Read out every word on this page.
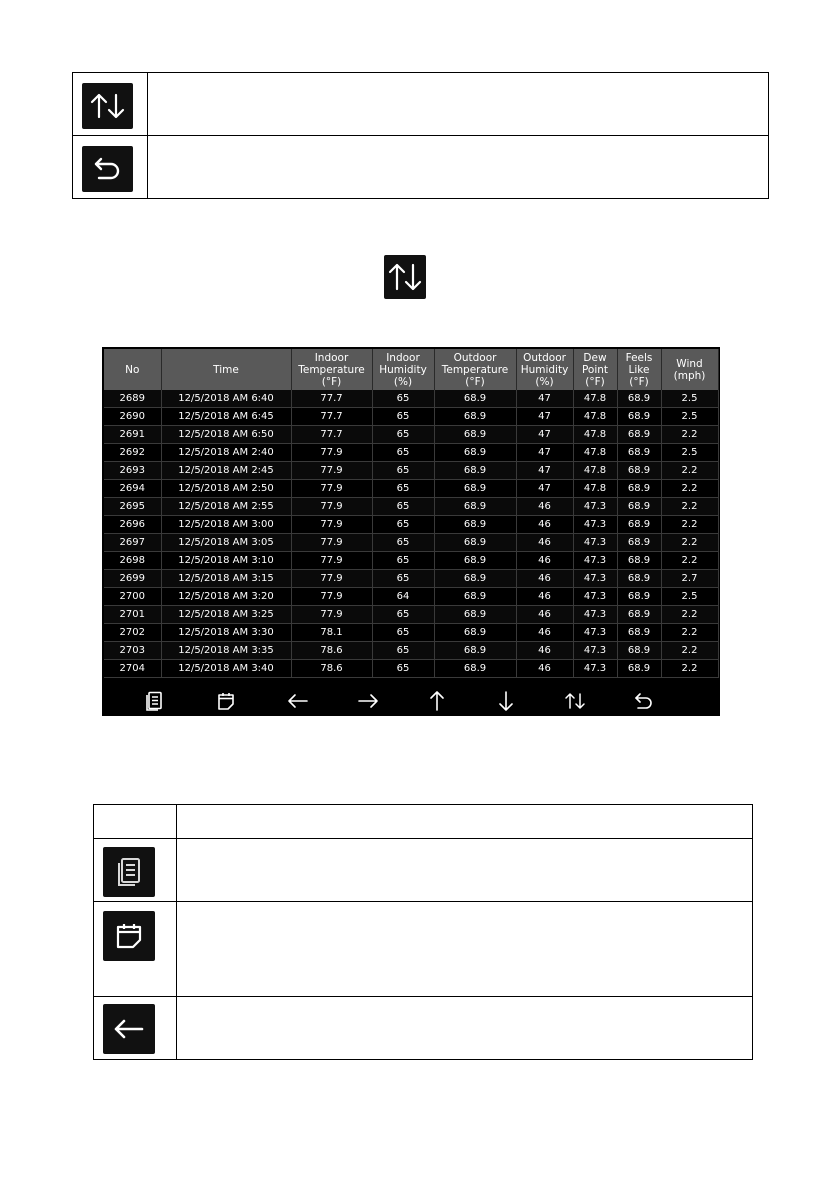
No	Time	Indoor
Temperature
(°F)	Indoor
Humidity
(%)	Outdoor
Temperature
(°F)	Outdoor
Humidity
(%)	Dew
Point
(°F)	Feels
Like
(°F)	Wind
(mph)
2689	12/5/2018 AM 6:40	77.7	65	68.9	47	47.8	68.9	2.5
2690	12/5/2018 AM 6:45	77.7	65	68.9	47	47.8	68.9	2.5
2691	12/5/2018 AM 6:50	77.7	65	68.9	47	47.8	68.9	2.2
2692	12/5/2018 AM 2:40	77.9	65	68.9	47	47.8	68.9	2.5
2693	12/5/2018 AM 2:45	77.9	65	68.9	47	47.8	68.9	2.2
2694	12/5/2018 AM 2:50	77.9	65	68.9	47	47.8	68.9	2.2
2695	12/5/2018 AM 2:55	77.9	65	68.9	46	47.3	68.9	2.2
2696	12/5/2018 AM 3:00	77.9	65	68.9	46	47.3	68.9	2.2
2697	12/5/2018 AM 3:05	77.9	65	68.9	46	47.3	68.9	2.2
2698	12/5/2018 AM 3:10	77.9	65	68.9	46	47.3	68.9	2.2
2699	12/5/2018 AM 3:15	77.9	65	68.9	46	47.3	68.9	2.7
2700	12/5/2018 AM 3:20	77.9	64	68.9	46	47.3	68.9	2.5
2701	12/5/2018 AM 3:25	77.9	65	68.9	46	47.3	68.9	2.2
2702	12/5/2018 AM 3:30	78.1	65	68.9	46	47.3	68.9	2.2
2703	12/5/2018 AM 3:35	78.6	65	68.9	46	47.3	68.9	2.2
2704	12/5/2018 AM 3:40	78.6	65	68.9	46	47.3	68.9	2.2
